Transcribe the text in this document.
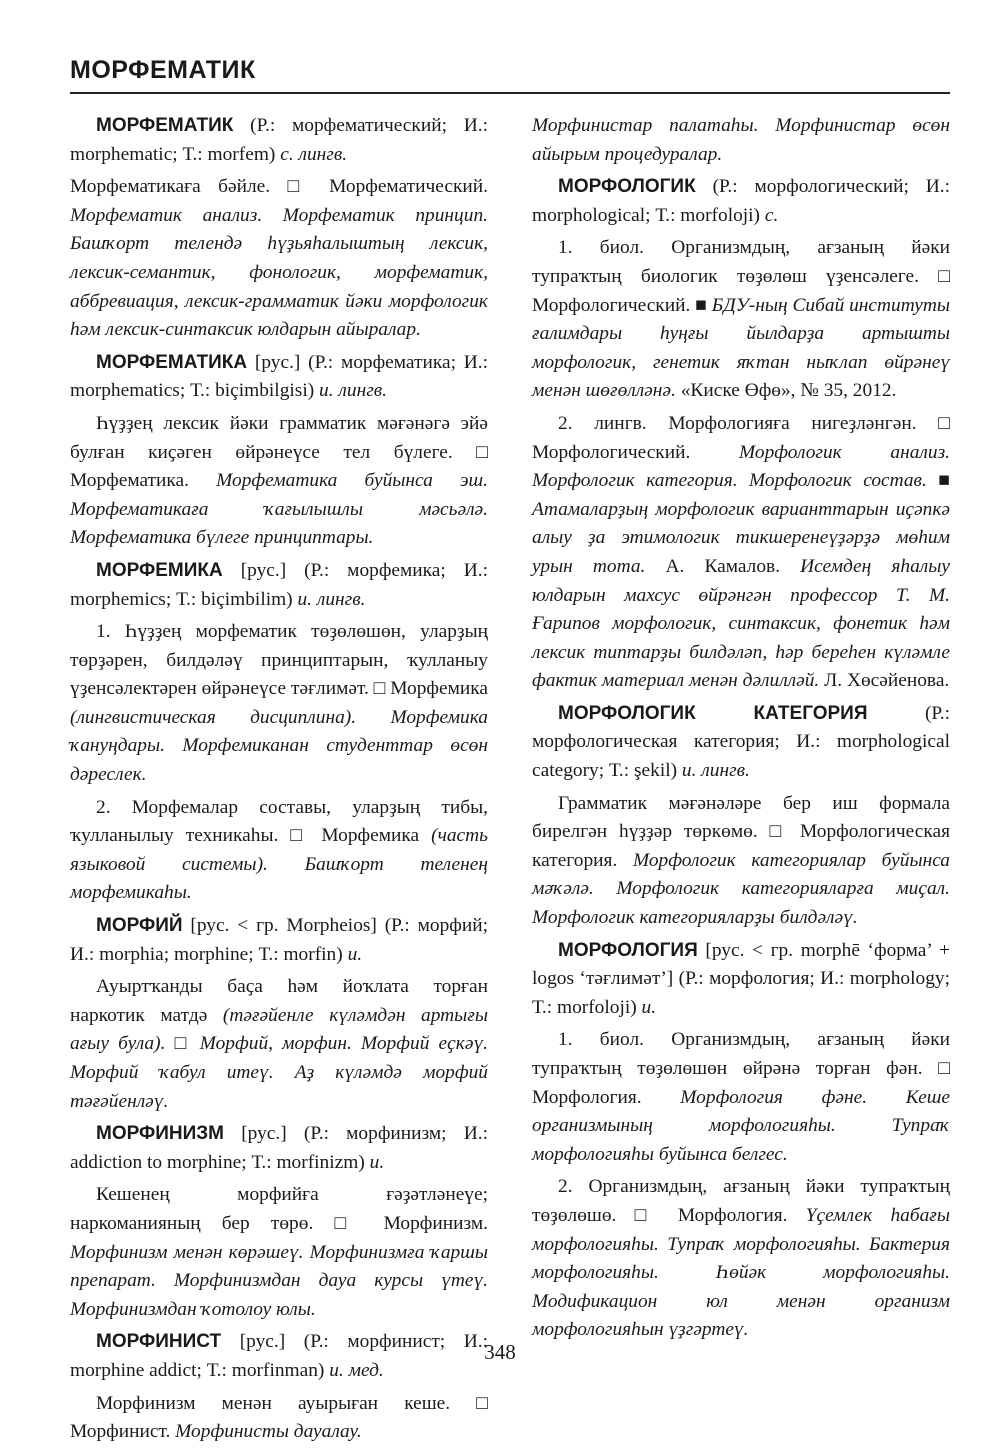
МОРФЕМАТИК

МОРФЕМАТИК (Р.: морфематический; И.: morphematic; Т.: morfem) с. лингв.

Морфематикаға бәйле. □ Морфематический. Морфематик анализ. Морфематик принцип. Башҡорт телендә һүҙьяһалыштың лексик, лексик-семантик, фонологик, морфематик, аббревиация, лексик-грамматик йәки морфологик һәм лексик-синтаксик юлдарын айыралар.

МОРФЕМАТИКА [рус.] (Р.: морфематика; И.: morphematics; Т.: biçimbilgisi) и. лингв.

Һүҙҙең лексик йәки грамматик мәғәнәгә эйә булған киҫәген өйрәнеүсе тел бүлеге. □ Морфематика. Морфематика буйынса эш. Морфематикаға ҡағылышлы мәсьәлә. Морфематика бүлеге принциптары.

МОРФЕМИКА [рус.] (Р.: морфемика; И.: morphemics; Т.: biçimbilim) и. лингв.

1. Һүҙҙең морфематик төҙөлөшөн, уларҙың төрҙәрен, билдәләү принциптарын, ҡулланыу үҙенсәлектәрен өйрәнеүсе тәғлимәт. □ Морфемика (лингвистическая дисциплина). Морфемика ҡануңдары. Морфемиканан студенттар өсөн дәреслек.

2. Морфемалар составы, уларҙың тибы, ҡулланылыу техникаһы. □ Морфемика (часть языковой системы). Башҡорт теленең морфемикаһы.

МОРФИЙ [рус. < гр. Morpheios] (Р.: морфий; И.: morphia; morphine; Т.: morfin) и.

Ауыртҡанды баҫа һәм йоҡлата торған наркотик матдә (тәғәйенле күләмдән артығы ағыу була). □ Морфий, морфин. Морфий еҫкәү. Морфий ҡабул итеү. Аҙ күләмдә морфий тәғәйенләү.

МОРФИНИЗМ [рус.] (Р.: морфинизм; И.: addiction to morphine; Т.: morfinizm) и.

Кешенең морфийға ғәҙәтләнеүе; наркоманияның бер төрө. □ Морфинизм. Морфинизм менән көрәшеү. Морфинизмға ҡаршы препарат. Морфинизмдан дауа курсы үтеү. Морфинизмдан ҡотолоу юлы.

МОРФИНИСТ [рус.] (Р.: морфинист; И.: morphine addict; Т.: morfinman) и. мед.

Морфинизм менән ауырыған кеше. □ Морфинист. Морфинисты дауалау.

Морфинистар палатаһы. Морфинистар өсөн айырым процедуралар.

МОРФОЛОГИК (Р.: морфологический; И.: morphological; Т.: morfoloji) с.

1. биол. Организмдың, ағзаның йәки тупраҡтың биологик төҙөлөш үҙенсәлеге. □ Морфологический. ■ БДУ-ның Сибай институты ғалимдары һуңғы йылдарҙа артышты морфологик, генетик яҡтан ныҡлап өйрәнеү менән шөғөлләнә. «Киске Өфө», № 35, 2012.

2. лингв. Морфологияға нигеҙләнгән. □ Морфологический. Морфологик анализ. Морфологик категория. Морфологик состав. ■ Атамаларҙың морфологик варианттарын иҫәпкә алыу ҙа этимологик тикшеренеүҙәрҙә мөһим урын тота. А. Камалов. Исемдең яһалыу юлдарын махсус өйрәнгән профессор Т. М. Ғарипов морфологик, синтаксик, фонетик һәм лексик типтарҙы билдәләп, һәр береһен күләмле фактик материал менән дәлилләй. Л. Хөсәйенова.

МОРФОЛОГИК КАТЕГОРИЯ (Р.: морфологическая категория; И.: morphological category; Т.: şekil) и. лингв.

Грамматик мәғәнәләре бер иш формала бирелгән һүҙҙәр төркөмө. □ Морфологическая категория. Морфологик категориялар буйынса мәҡәлә. Морфологик категорияларға миҫал. Морфологик категорияларҙы билдәләү.

МОРФОЛОГИЯ [рус. < гр. morphē ‘форма’ + logos ‘тәғлимәт’] (Р.: морфология; И.: morphology; Т.: morfoloji) и.

1. биол. Организмдың, ағзаның йәки тупраҡтың төҙөлөшөн өйрәнә торған фән. □ Морфология. Морфология фәне. Кеше организмының морфологияһы. Тупраҡ морфологияһы буйынса белгес.

2. Организмдың, ағзаның йәки тупраҡтың төҙөлөшө. □ Морфология. Үҫемлек һабағы морфологияһы. Тупраҡ морфологияһы. Бактерия морфологияһы. Һөйәк морфологияһы. Модификацион юл менән организм морфологияһын үҙгәртеү.

348
